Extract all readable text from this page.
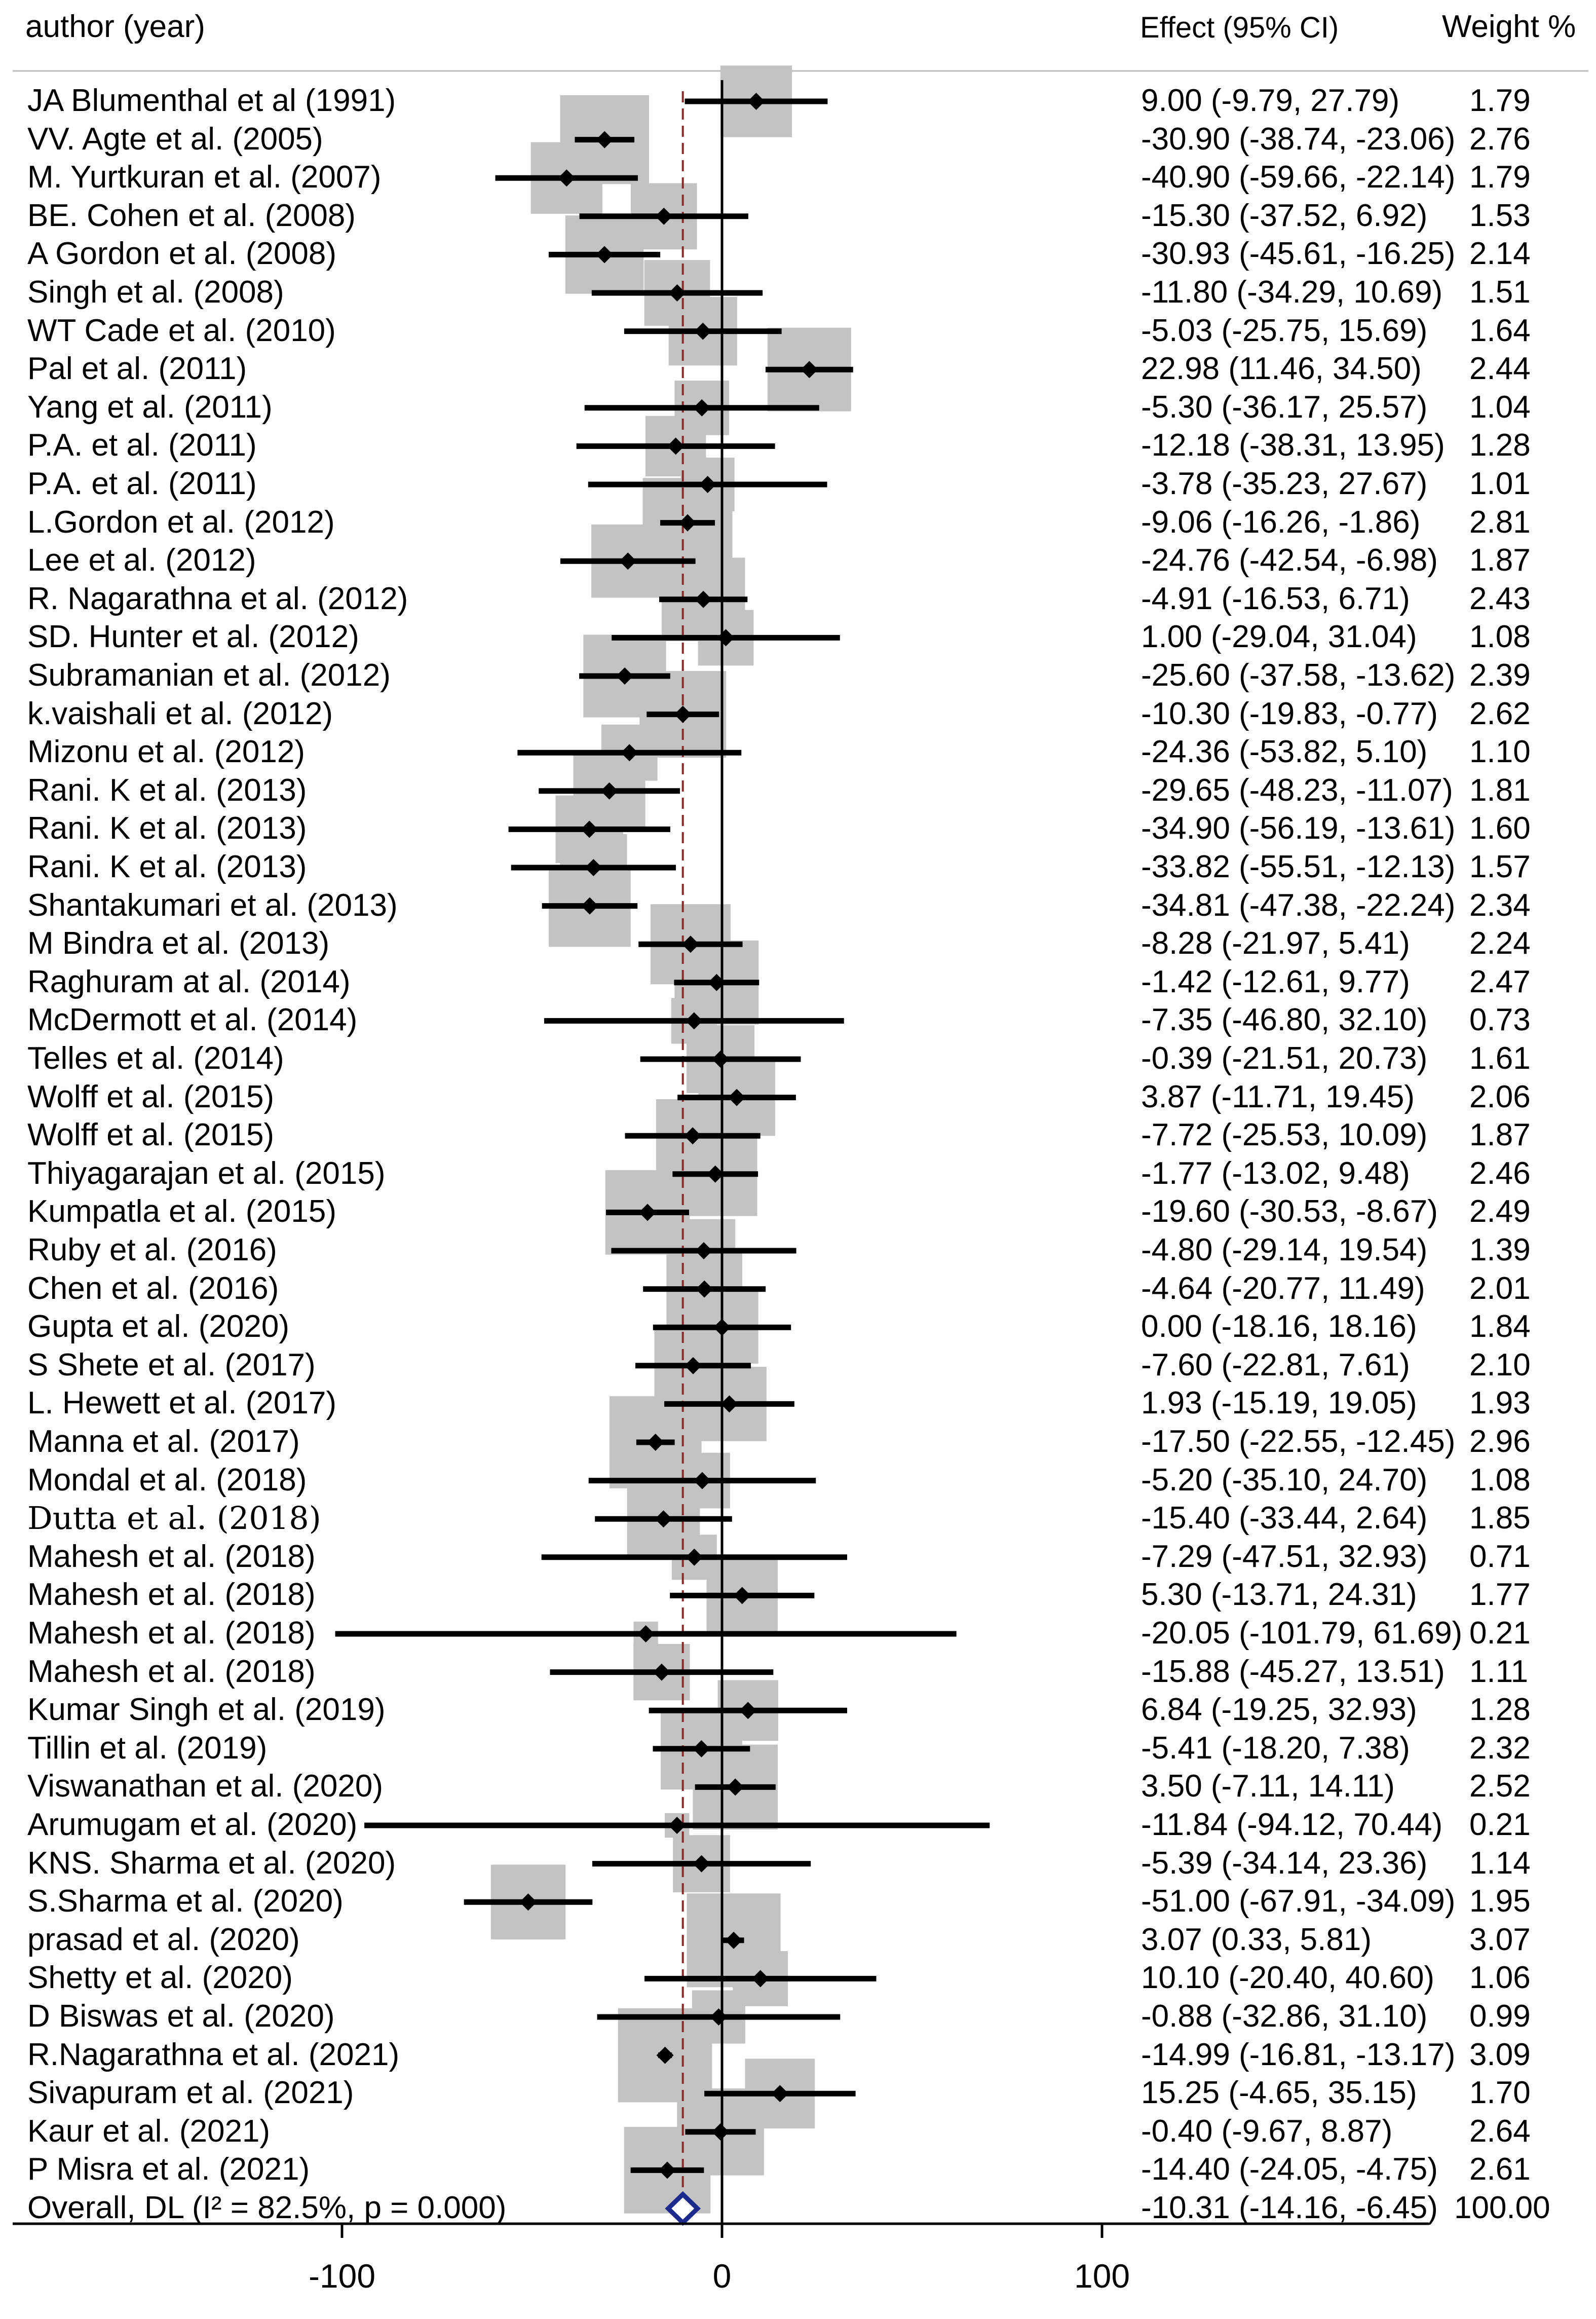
author (year)	Effect (95% CI)	Weight %
JA Blumenthal et al (1991)	9.00 (-9.79, 27.79) 1.79
VV. Agte et al. (2005)	-30.90 (-38.74, -23.06) 2.76
M. Yurtkuran et al. (2007)	-40.90 (-59.66, -22.14) 1.79
BE. Cohen et al. (2008)	-15.30 (-37.52, 6.92) 1.53
A Gordon et al. (2008)	-30.93 (-45.61, -16.25) 2.14
Singh et al. (2008)	-11.80 (-34.29, 10.69) 1.51
WT Cade et al. (2010)	-5.03 (-25.75, 15.69) 1.64
Pal et al. (2011)	22.98 (11.46, 34.50) 2.44
Yang et al. (2011)	-5.30 (-36.17, 25.57) 1.04
P.A. et al. (2011)	-12.18 (-38.31, 13.95) 1.28
P.A. et al. (2011)	-3.78 (-35.23, 27.67) 1.01
L.Gordon et al. (2012)	-9.06 (-16.26, -1.86) 2.81
Lee et al. (2012)	-24.76 (-42.54, -6.98) 1.87
R. Nagarathna et al. (2012)	-4.91 (-16.53, 6.71) 2.43
SD. Hunter et al. (2012)	1.00 (-29.04, 31.04) 1.08
Subramanian et al. (2012)	-25.60 (-37.58, -13.62) 2.39
k.vaishali et al. (2012)	-10.30 (-19.83, -0.77) 2.62
Mizonu et al. (2012)	-24.36 (-53.82, 5.10) 1.10
Rani. K et al. (2013)	-29.65 (-48.23, -11.07) 1.81
Rani. K et al. (2013)	-34.90 (-56.19, -13.61) 1.60
Rani. K et al. (2013)	-33.82 (-55.51, -12.13) 1.57
Shantakumari et al. (2013)	-34.81 (-47.38, -22.24) 2.34
M Bindra et al. (2013)	-8.28 (-21.97, 5.41) 2.24
Raghuram at al. (2014)	-1.42 (-12.61, 9.77) 2.47
McDermott et al. (2014)	-7.35 (-46.80, 32.10) 0.73
Telles et al. (2014)	-0.39 (-21.51, 20.73) 1.61
Wolff et al. (2015)	3.87 (-11.71, 19.45) 2.06
Wolff et al. (2015)	-7.72 (-25.53, 10.09) 1.87
Thiyagarajan et al. (2015)	-1.77 (-13.02, 9.48) 2.46
Kumpatla et al. (2015)	-19.60 (-30.53, -8.67) 2.49
Ruby et al. (2016)	-4.80 (-29.14, 19.54) 1.39
Chen et al. (2016)	-4.64 (-20.77, 11.49) 2.01
Gupta et al. (2020)	0.00 (-18.16, 18.16) 1.84
S Shete et al. (2017)	-7.60 (-22.81, 7.61) 2.10
L. Hewett et al. (2017)	1.93 (-15.19, 19.05) 1.93
Manna et al. (2017)	-17.50 (-22.55, -12.45) 2.96
Mondal et al. (2018)	-5.20 (-35.10, 24.70) 1.08
Dutta et al. (2018)	-15.40 (-33.44, 2.64) 1.85
Mahesh et al. (2018)	-7.29 (-47.51, 32.93) 0.71
Mahesh et al. (2018)	5.30 (-13.71, 24.31) 1.77
Mahesh et al. (2018)	-20.05 (-101.79, 61.69) 0.21
Mahesh et al. (2018)	-15.88 (-45.27, 13.51) 1.11
Kumar Singh et al. (2019)	6.84 (-19.25, 32.93) 1.28
Tillin et al. (2019)	-5.41 (-18.20, 7.38) 2.32
Viswanathan et al. (2020)	3.50 (-7.11, 14.11) 2.52
Arumugam et al. (2020)	-11.84 (-94.12, 70.44) 0.21
KNS. Sharma et al. (2020)	-5.39 (-34.14, 23.36) 1.14
S.Sharma et al. (2020)	-51.00 (-67.91, -34.09) 1.95
prasad et al. (2020)	3.07 (0.33, 5.81)	3.07
Shetty et al. (2020)	10.10 (-20.40, 40.60) 1.06
D Biswas et al. (2020)	-0.88 (-32.86, 31.10) 0.99
R.Nagarathna et al. (2021)	-14.99 (-16.81, -13.17) 3.09
Sivapuram et al. (2021)	15.25 (-4.65, 35.15) 1.70
Kaur et al. (2021)	-0.40 (-9.67, 8.87) 2.64
P Misra et al. (2021)	-14.40 (-24.05, -4.75) 2.61
Overall, DL (I² = 82.5%, p = 0.000)	-10.31 (-14.16, -6.45) 100.00
-100	0	100
